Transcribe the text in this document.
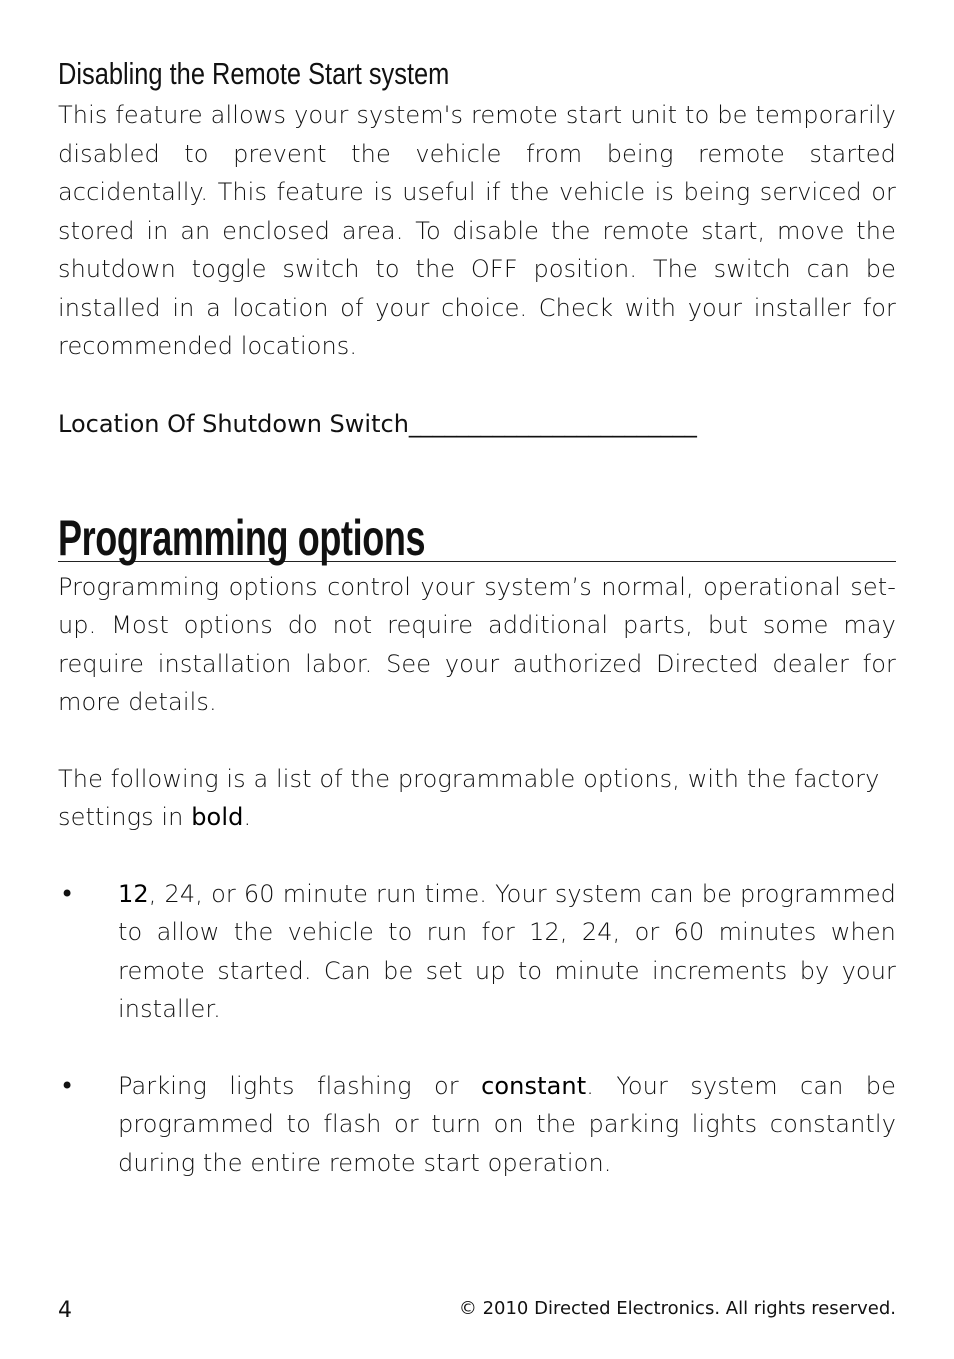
Disabling the Remote Start system

This feature allows your system's remote start unit to be temporarily disabled to prevent the vehicle from being remote started accidentally. This feature is useful if the vehicle is being serviced or stored in an enclosed area. To disable the remote start, move the shutdown toggle switch to the OFF position. The switch can be installed in a location of your choice. Check with your installer for recommended locations.

Location Of Shutdown Switch________________________

Programming options

Programming options control your system’s normal, operational set-up. Most options do not require additional parts, but some may require installation labor. See your authorized Directed dealer for more details.

The following is a list of the programmable options, with the factory settings in bold.

•	12, 24, or 60 minute run time. Your system can be programmed to allow the vehicle to run for 12, 24, or 60 minutes when remote started. Can be set up to minute increments by your installer.

•	Parking lights flashing or constant. Your system can be programmed to flash or turn on the parking lights constantly during the entire remote start operation.

4	© 2010 Directed Electronics. All rights reserved.
